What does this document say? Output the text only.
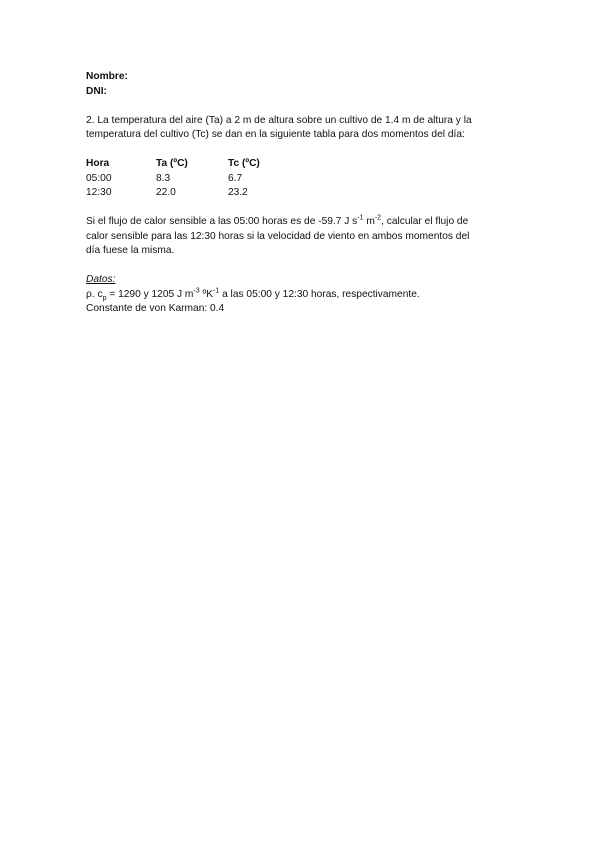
Nombre:
DNI:
2. La temperatura del aire (Ta) a 2 m de altura sobre un cultivo de 1.4 m de altura y la
temperatura del cultivo (Tc) se dan en la siguiente tabla para dos momentos del día:
Hora	Ta (ºC)	Tc (ºC)
05:00	8.3	6.7
12:30	22.0	23.2
Si el flujo de calor sensible a las 05:00 horas es de -59.7 J $s^{-1}$ $m^{-2}$, calcular el flujo de
calor sensible para las 12:30 horas si la velocidad de viento en ambos momentos del
día fuese la misma.
Datos:
ρ. $c_p = 1290$ y 1205 J $m^{-3}$ ºK$^{-1}$ a las 05:00 y 12:30 horas, respectivamente.
Constante de von Karman: 0.4
